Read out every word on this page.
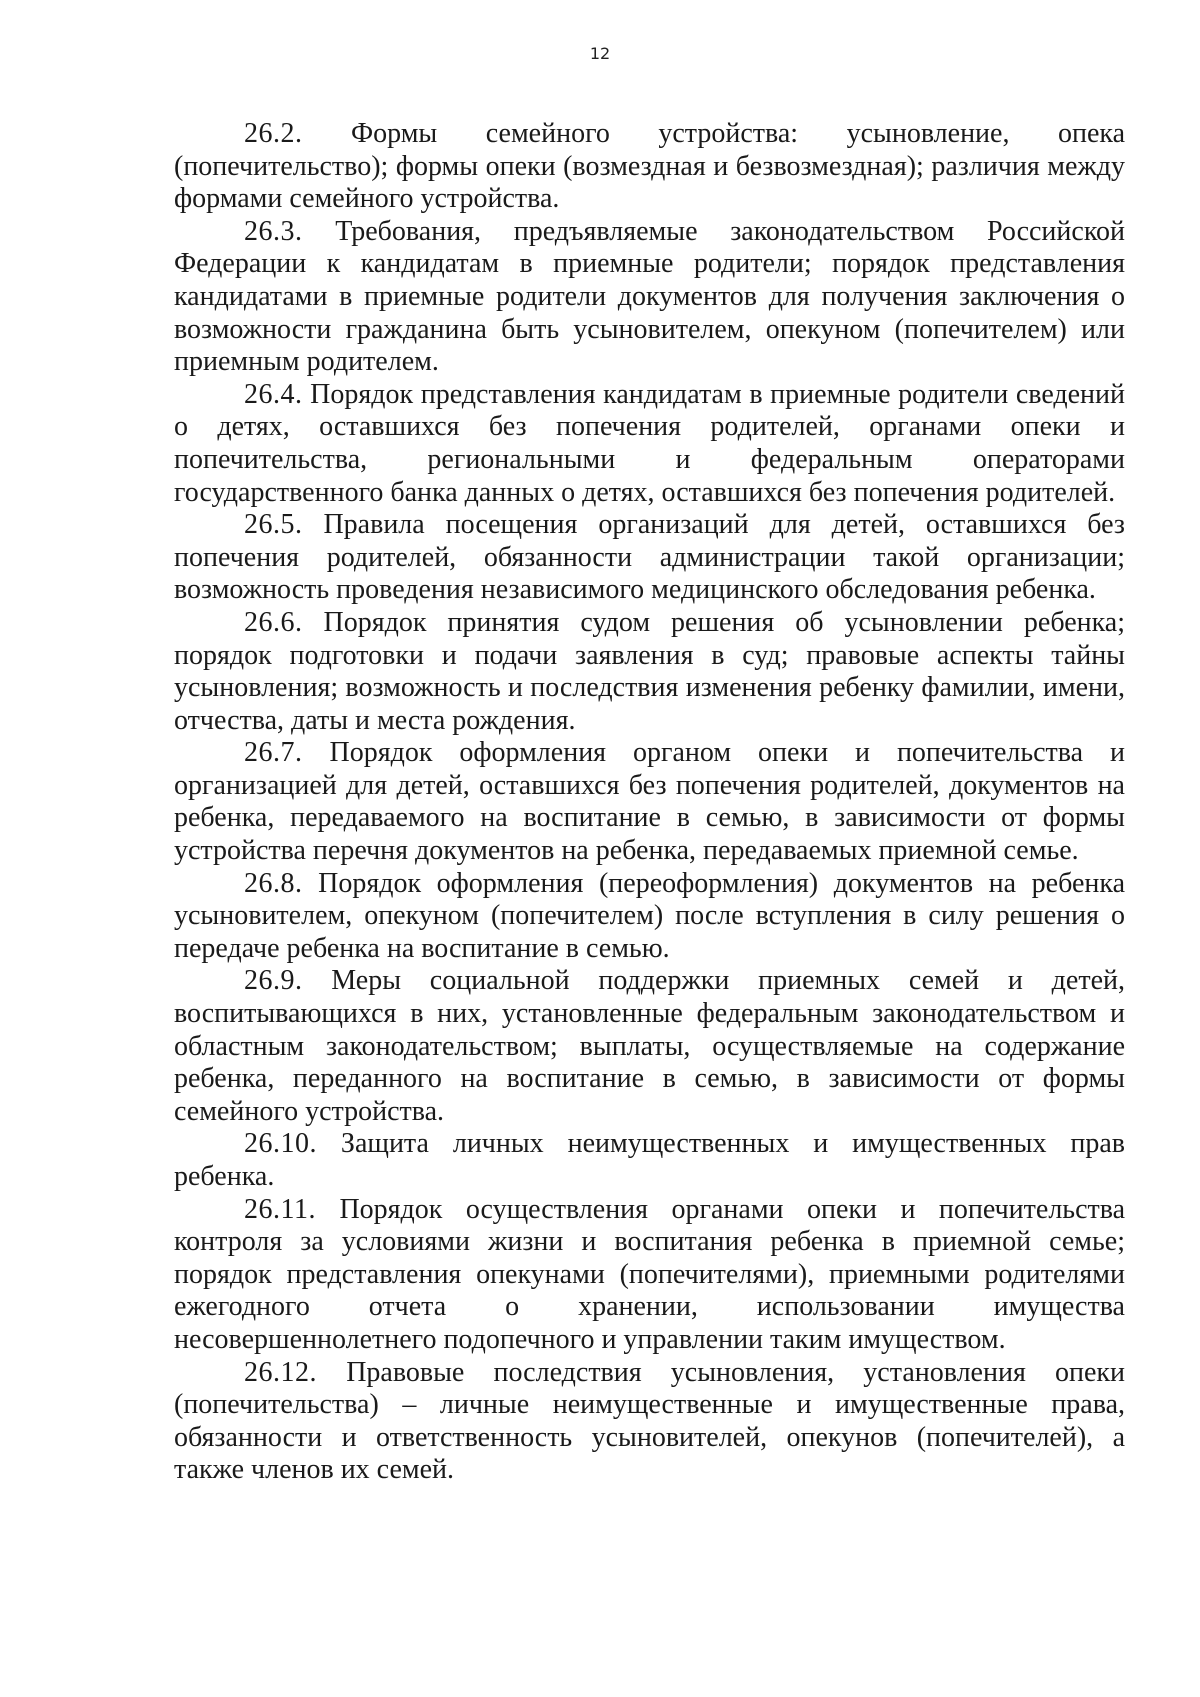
12

26.2. Формы семейного устройства: усыновление, опека (попечительство); формы опеки (возмездная и безвозмездная); различия между формами семейного устройства.

26.3. Требования, предъявляемые законодательством Российской Федерации к кандидатам в приемные родители; порядок представления кандидатами в приемные родители документов для получения заключения о возможности гражданина быть усыновителем, опекуном (попечителем) или приемным родителем.

26.4. Порядок представления кандидатам в приемные родители сведений о детях, оставшихся без попечения родителей, органами опеки и попечительства, региональными и федеральным операторами государственного банка данных о детях, оставшихся без попечения родителей.

26.5. Правила посещения организаций для детей, оставшихся без попечения родителей, обязанности администрации такой организации; возможность проведения независимого медицинского обследования ребенка.

26.6. Порядок принятия судом решения об усыновлении ребенка; порядок подготовки и подачи заявления в суд; правовые аспекты тайны усыновления; возможность и последствия изменения ребенку фамилии, имени, отчества, даты и места рождения.

26.7. Порядок оформления органом опеки и попечительства и организацией для детей, оставшихся без попечения родителей, документов на ребенка, передаваемого на воспитание в семью, в зависимости от формы устройства перечня документов на ребенка, передаваемых приемной семье.

26.8. Порядок оформления (переоформления) документов на ребенка усыновителем, опекуном (попечителем) после вступления в силу решения о передаче ребенка на воспитание в семью.

26.9. Меры социальной поддержки приемных семей и детей, воспитывающихся в них, установленные федеральным законодательством и областным законодательством; выплаты, осуществляемые на содержание ребенка, переданного на воспитание в семью, в зависимости от формы семейного устройства.

26.10. Защита личных неимущественных и имущественных прав ребенка.

26.11. Порядок осуществления органами опеки и попечительства контроля за условиями жизни и воспитания ребенка в приемной семье; порядок представления опекунами (попечителями), приемными родителями ежегодного отчета о хранении, использовании имущества несовершеннолетнего подопечного и управлении таким имуществом.

26.12. Правовые последствия усыновления, установления опеки (попечительства) – личные неимущественные и имущественные права, обязанности и ответственность усыновителей, опекунов (попечителей), а также членов их семей.
